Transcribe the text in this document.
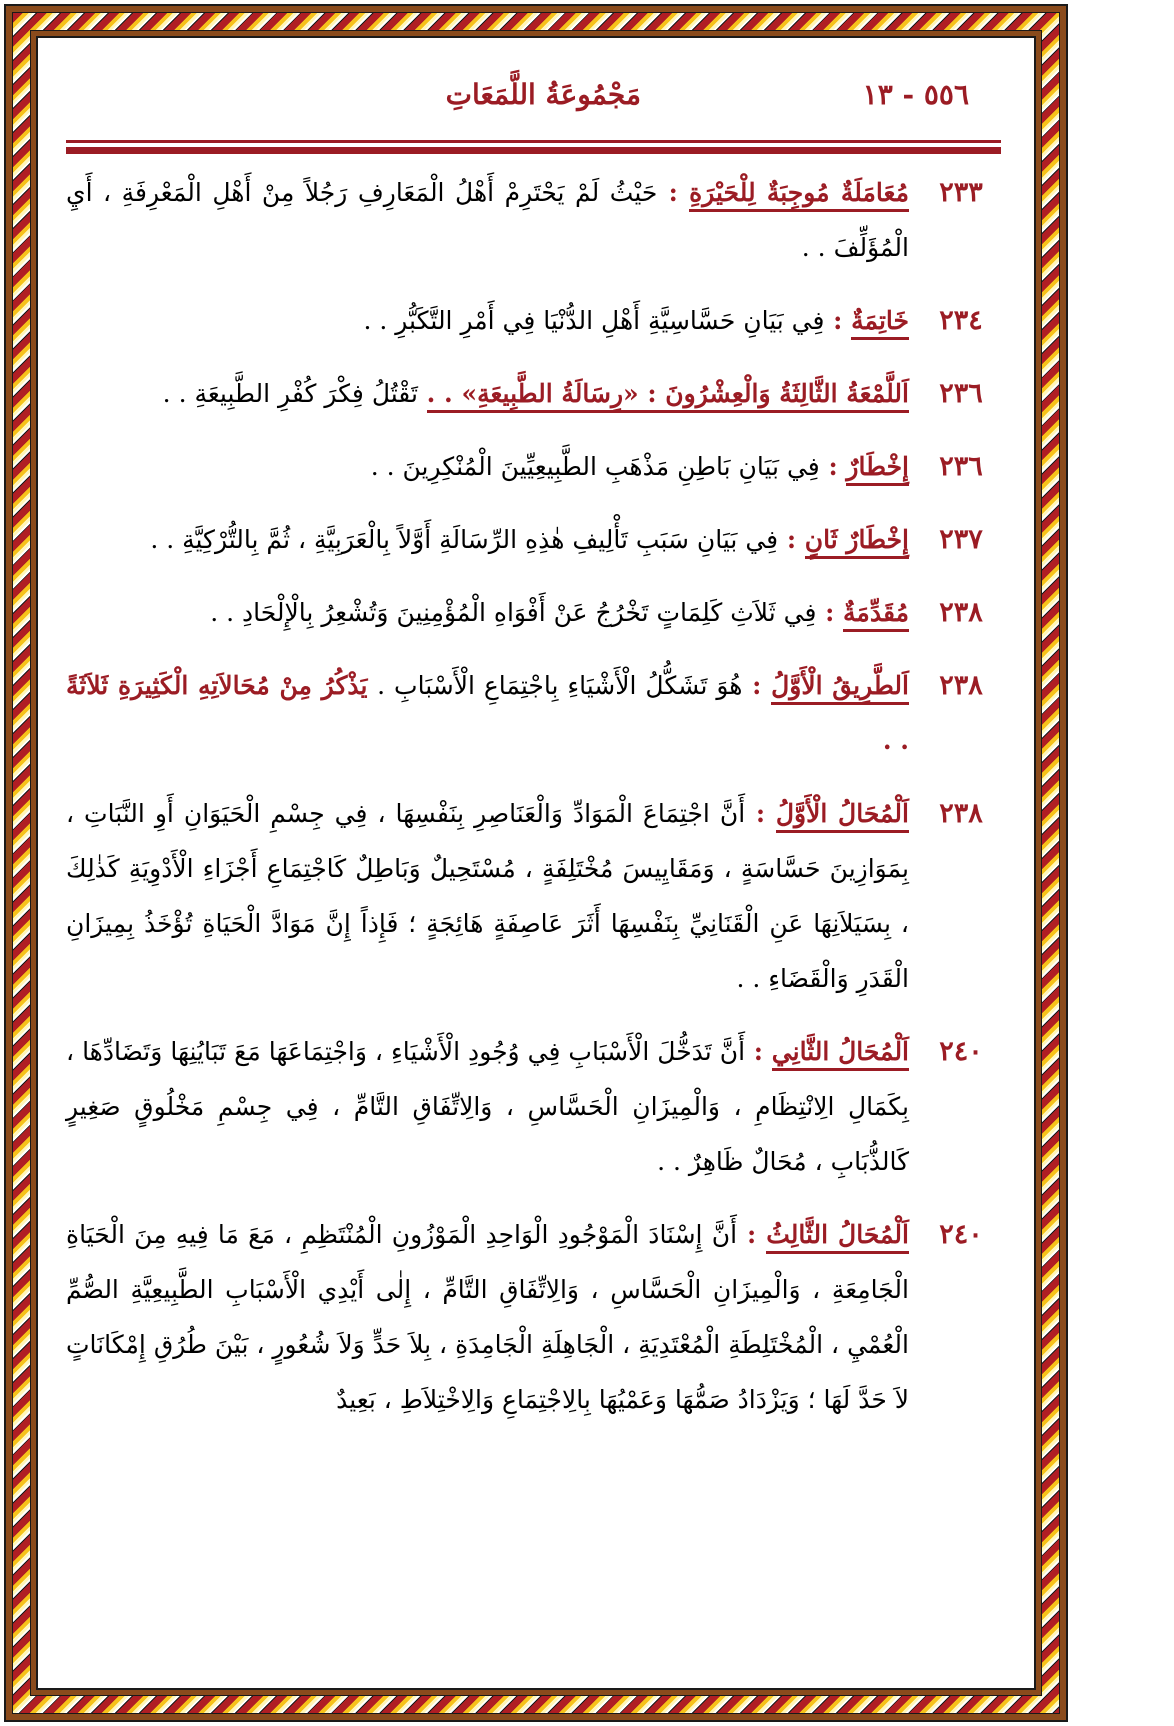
٥٥٦ - ١٣
مَجْمُوعَةُ اللَّمَعَاتِ
٢٣٣
مُعَامَلَةٌ مُوجِبَةٌ لِلْحَيْرَةِ : حَيْثُ لَمْ يَحْتَرِمْ أَهْلُ الْمَعَارِفِ رَجُلاً مِنْ أَهْلِ الْمَعْرِفَةِ ، أَيِ الْمُؤَلِّفَ . .
٢٣٤
خَاتِمَةٌ : فِي بَيَانِ حَسَّاسِيَّةِ أَهْلِ الدُّنْيَا فِي أَمْرِ التَّكَبُّرِ . .
٢٣٦
اَللَّمْعَةُ الثَّالِثَةُ وَالْعِشْرُونَ : «رِسَالَةُ الطَّبِيعَةِ» . . تَقْتُلُ فِكْرَ كُفْرِ الطَّبِيعَةِ . .
٢٣٦
إِخْطَارٌ : فِي بَيَانِ بَاطِنِ مَذْهَبِ الطَّبِيعِيِّينَ الْمُنْكِرِينَ . .
٢٣٧
إِخْطَارٌ ثَانٍ : فِي بَيَانِ سَبَبِ تَأْلِيفِ هٰذِهِ الرِّسَالَةِ أَوَّلاً بِالْعَرَبِيَّةِ ، ثُمَّ بِالتُّرْكِيَّةِ . .
٢٣٨
مُقَدِّمَةٌ : فِي ثَلاَثِ كَلِمَاتٍ تَخْرُجُ عَنْ أَفْوَاهِ الْمُؤْمِنِينَ وَتُشْعِرُ بِالْإِلْحَادِ . .
٢٣٨
اَلطَّرِيقُ الْأَوَّلُ : هُوَ تَشَكُّلُ الْأَشْيَاءِ بِاجْتِمَاعِ الْأَسْبَابِ . يَذْكُرُ مِنْ مُحَالاَتِهِ الْكَثِيرَةِ ثَلاَثَةً . .
٢٣٨
اَلْمُحَالُ الْأَوَّلُ : أَنَّ اجْتِمَاعَ الْمَوَادِّ وَالْعَنَاصِرِ بِنَفْسِهَا ، فِي جِسْمِ الْحَيَوَانِ أَوِ النَّبَاتِ ، بِمَوَازِينَ حَسَّاسَةٍ ، وَمَقَايِيسَ مُخْتَلِفَةٍ ، مُسْتَحِيلٌ وَبَاطِلٌ كَاجْتِمَاعِ أَجْزَاءِ الْأَدْوِيَةِ كَذٰلِكَ ، بِسَيَلاَنِهَا عَنِ الْقَنَانِيِّ بِنَفْسِهَا أَثَرَ عَاصِفَةٍ هَائِجَةٍ ؛ فَإِذاً إِنَّ مَوَادَّ الْحَيَاةِ تُؤْخَذُ بِمِيزَانِ الْقَدَرِ وَالْقَضَاءِ . .
٢٤٠
اَلْمُحَالُ الثَّانِي : أَنَّ تَدَخُّلَ الْأَسْبَابِ فِي وُجُودِ الْأَشْيَاءِ ، وَاجْتِمَاعَهَا مَعَ تَبَايُنِهَا وَتَضَادِّهَا ، بِكَمَالِ الِانْتِظَامِ ، وَالْمِيزَانِ الْحَسَّاسِ ، وَالِاتِّفَاقِ التَّامِّ ، فِي جِسْمِ مَخْلُوقٍ صَغِيرٍ كَالذُّبَابِ ، مُحَالٌ ظَاهِرٌ . .
٢٤٠
اَلْمُحَالُ الثَّالِثُ : أَنَّ إِسْنَادَ الْمَوْجُودِ الْوَاحِدِ الْمَوْزُونِ الْمُنْتَظِمِ ، مَعَ مَا فِيهِ مِنَ الْحَيَاةِ الْجَامِعَةِ ، وَالْمِيزَانِ الْحَسَّاسِ ، وَالِاتِّفَاقِ التَّامِّ ، إِلٰى أَيْدِي الْأَسْبَابِ الطَّبِيعِيَّةِ الصُّمِّ الْعُمْيِ ، الْمُخْتَلِطَةِ الْمُعْتَدِيَةِ ، الْجَاهِلَةِ الْجَامِدَةِ ، بِلاَ حَدٍّ وَلاَ شُعُورٍ ، بَيْنَ طُرُقِ إِمْكَانَاتٍ لاَ حَدَّ لَهَا ؛ وَيَزْدَادُ صَمُّهَا وَعَمْيُهَا بِالِاجْتِمَاعِ وَالِاخْتِلاَطِ ، بَعِيدٌ
